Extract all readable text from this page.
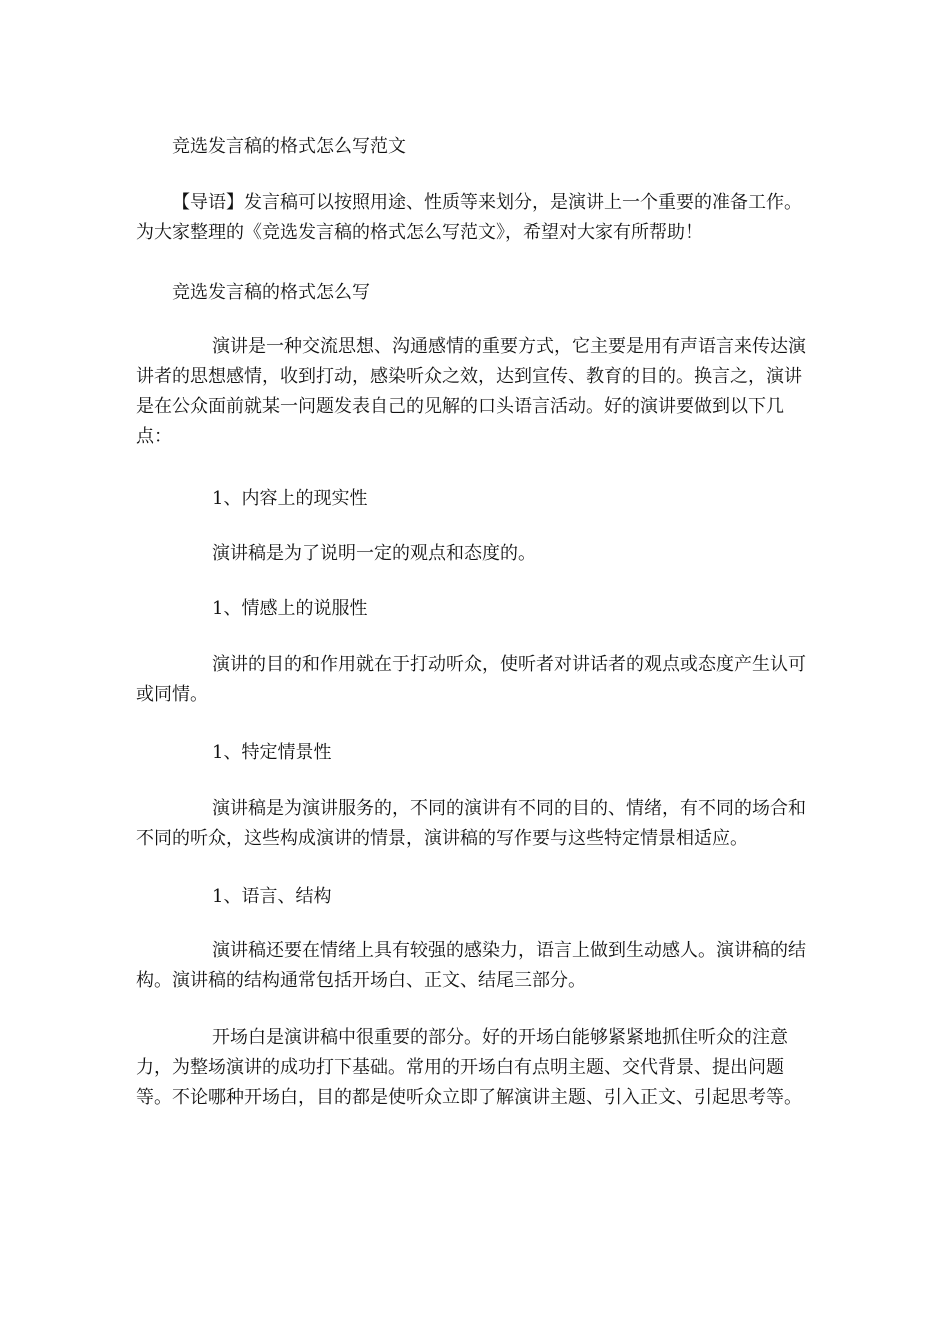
竞选发言稿的格式怎么写范文

【导语】发言稿可以按照用途、性质等来划分，是演讲上一个重要的准备工作。为大家整理的《竞选发言稿的格式怎么写范文》，希望对大家有所帮助！

竞选发言稿的格式怎么写

演讲是一种交流思想、沟通感情的重要方式，它主要是用有声语言来传达演讲者的思想感情，收到打动，感染听众之效，达到宣传、教育的目的。换言之，演讲是在公众面前就某一问题发表自己的见解的口头语言活动。好的演讲要做到以下几点：

1、内容上的现实性

演讲稿是为了说明一定的观点和态度的。

1、情感上的说服性

演讲的目的和作用就在于打动听众，使听者对讲话者的观点或态度产生认可或同情。

1、特定情景性

演讲稿是为演讲服务的，不同的演讲有不同的目的、情绪，有不同的场合和不同的听众，这些构成演讲的情景，演讲稿的写作要与这些特定情景相适应。

1、语言、结构

演讲稿还要在情绪上具有较强的感染力，语言上做到生动感人。演讲稿的结构。演讲稿的结构通常包括开场白、正文、结尾三部分。

开场白是演讲稿中很重要的部分。好的开场白能够紧紧地抓住听众的注意力，为整场演讲的成功打下基础。常用的开场白有点明主题、交代背景、提出问题等。不论哪种开场白，目的都是使听众立即了解演讲主题、引入正文、引起思考等。
